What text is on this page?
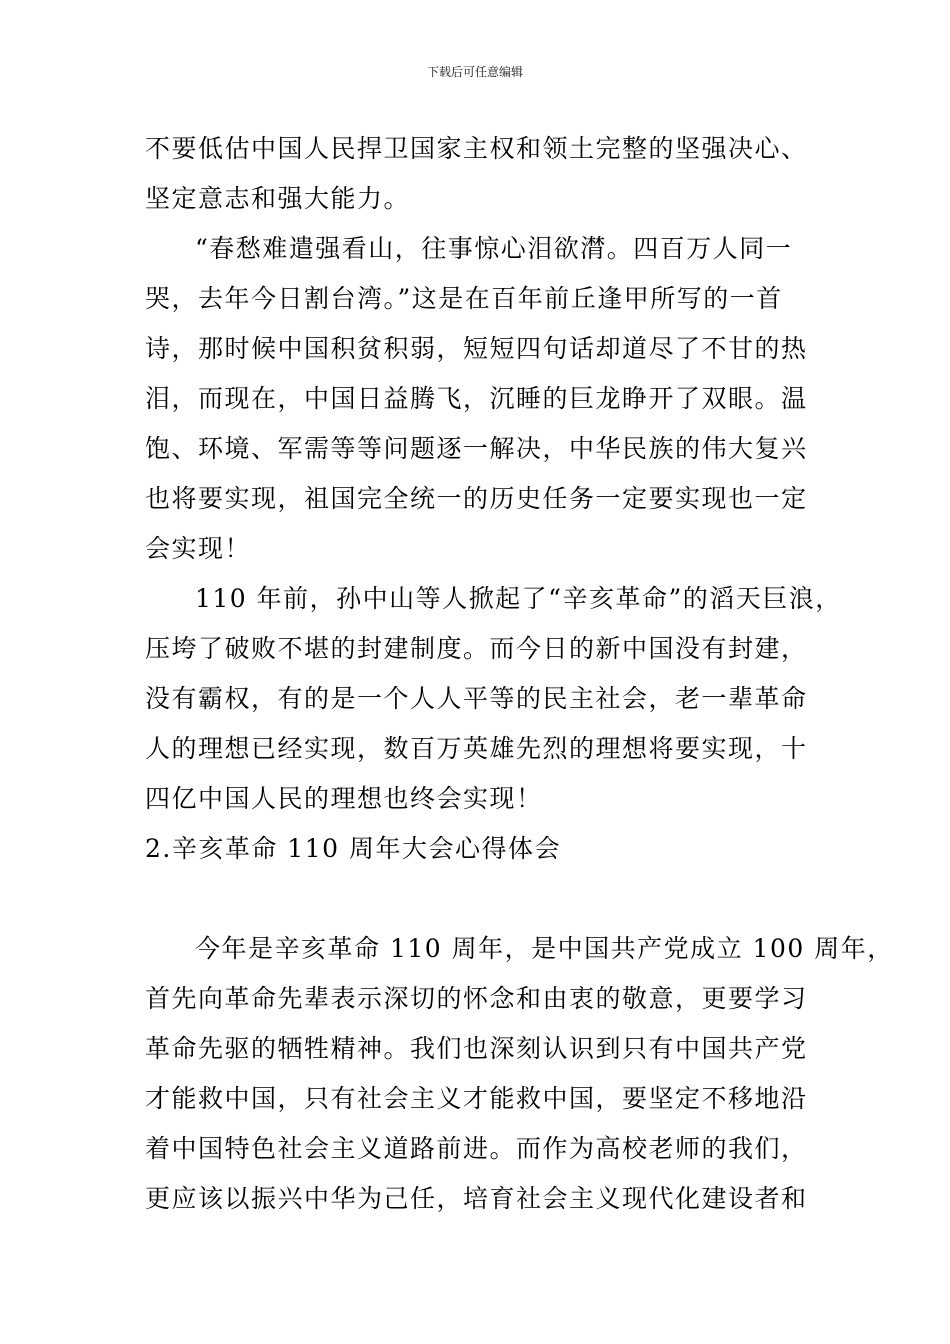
下载后可任意编辑
不要低估中国人民捍卫国家主权和领土完整的坚强决心、
坚定意志和强大能力。
“春愁难遣强看山，往事惊心泪欲潸。四百万人同一
哭，去年今日割台湾。”这是在百年前丘逢甲所写的一首
诗，那时候中国积贫积弱，短短四句话却道尽了不甘的热
泪，而现在，中国日益腾飞，沉睡的巨龙睁开了双眼。温
饱、环境、军需等等问题逐一解决，中华民族的伟大复兴
也将要实现，祖国完全统一的历史任务一定要实现也一定
会实现！
110 年前，孙中山等人掀起了“辛亥革命”的滔天巨浪，
压垮了破败不堪的封建制度。而今日的新中国没有封建，
没有霸权，有的是一个人人平等的民主社会，老一辈革命
人的理想已经实现，数百万英雄先烈的理想将要实现，十
四亿中国人民的理想也终会实现！
2.辛亥革命 110 周年大会心得体会
今年是辛亥革命 110 周年，是中国共产党成立 100 周年，
首先向革命先辈表示深切的怀念和由衷的敬意，更要学习
革命先驱的牺牲精神。我们也深刻认识到只有中国共产党
才能救中国，只有社会主义才能救中国，要坚定不移地沿
着中国特色社会主义道路前进。而作为高校老师的我们，
更应该以振兴中华为己任，培育社会主义现代化建设者和
